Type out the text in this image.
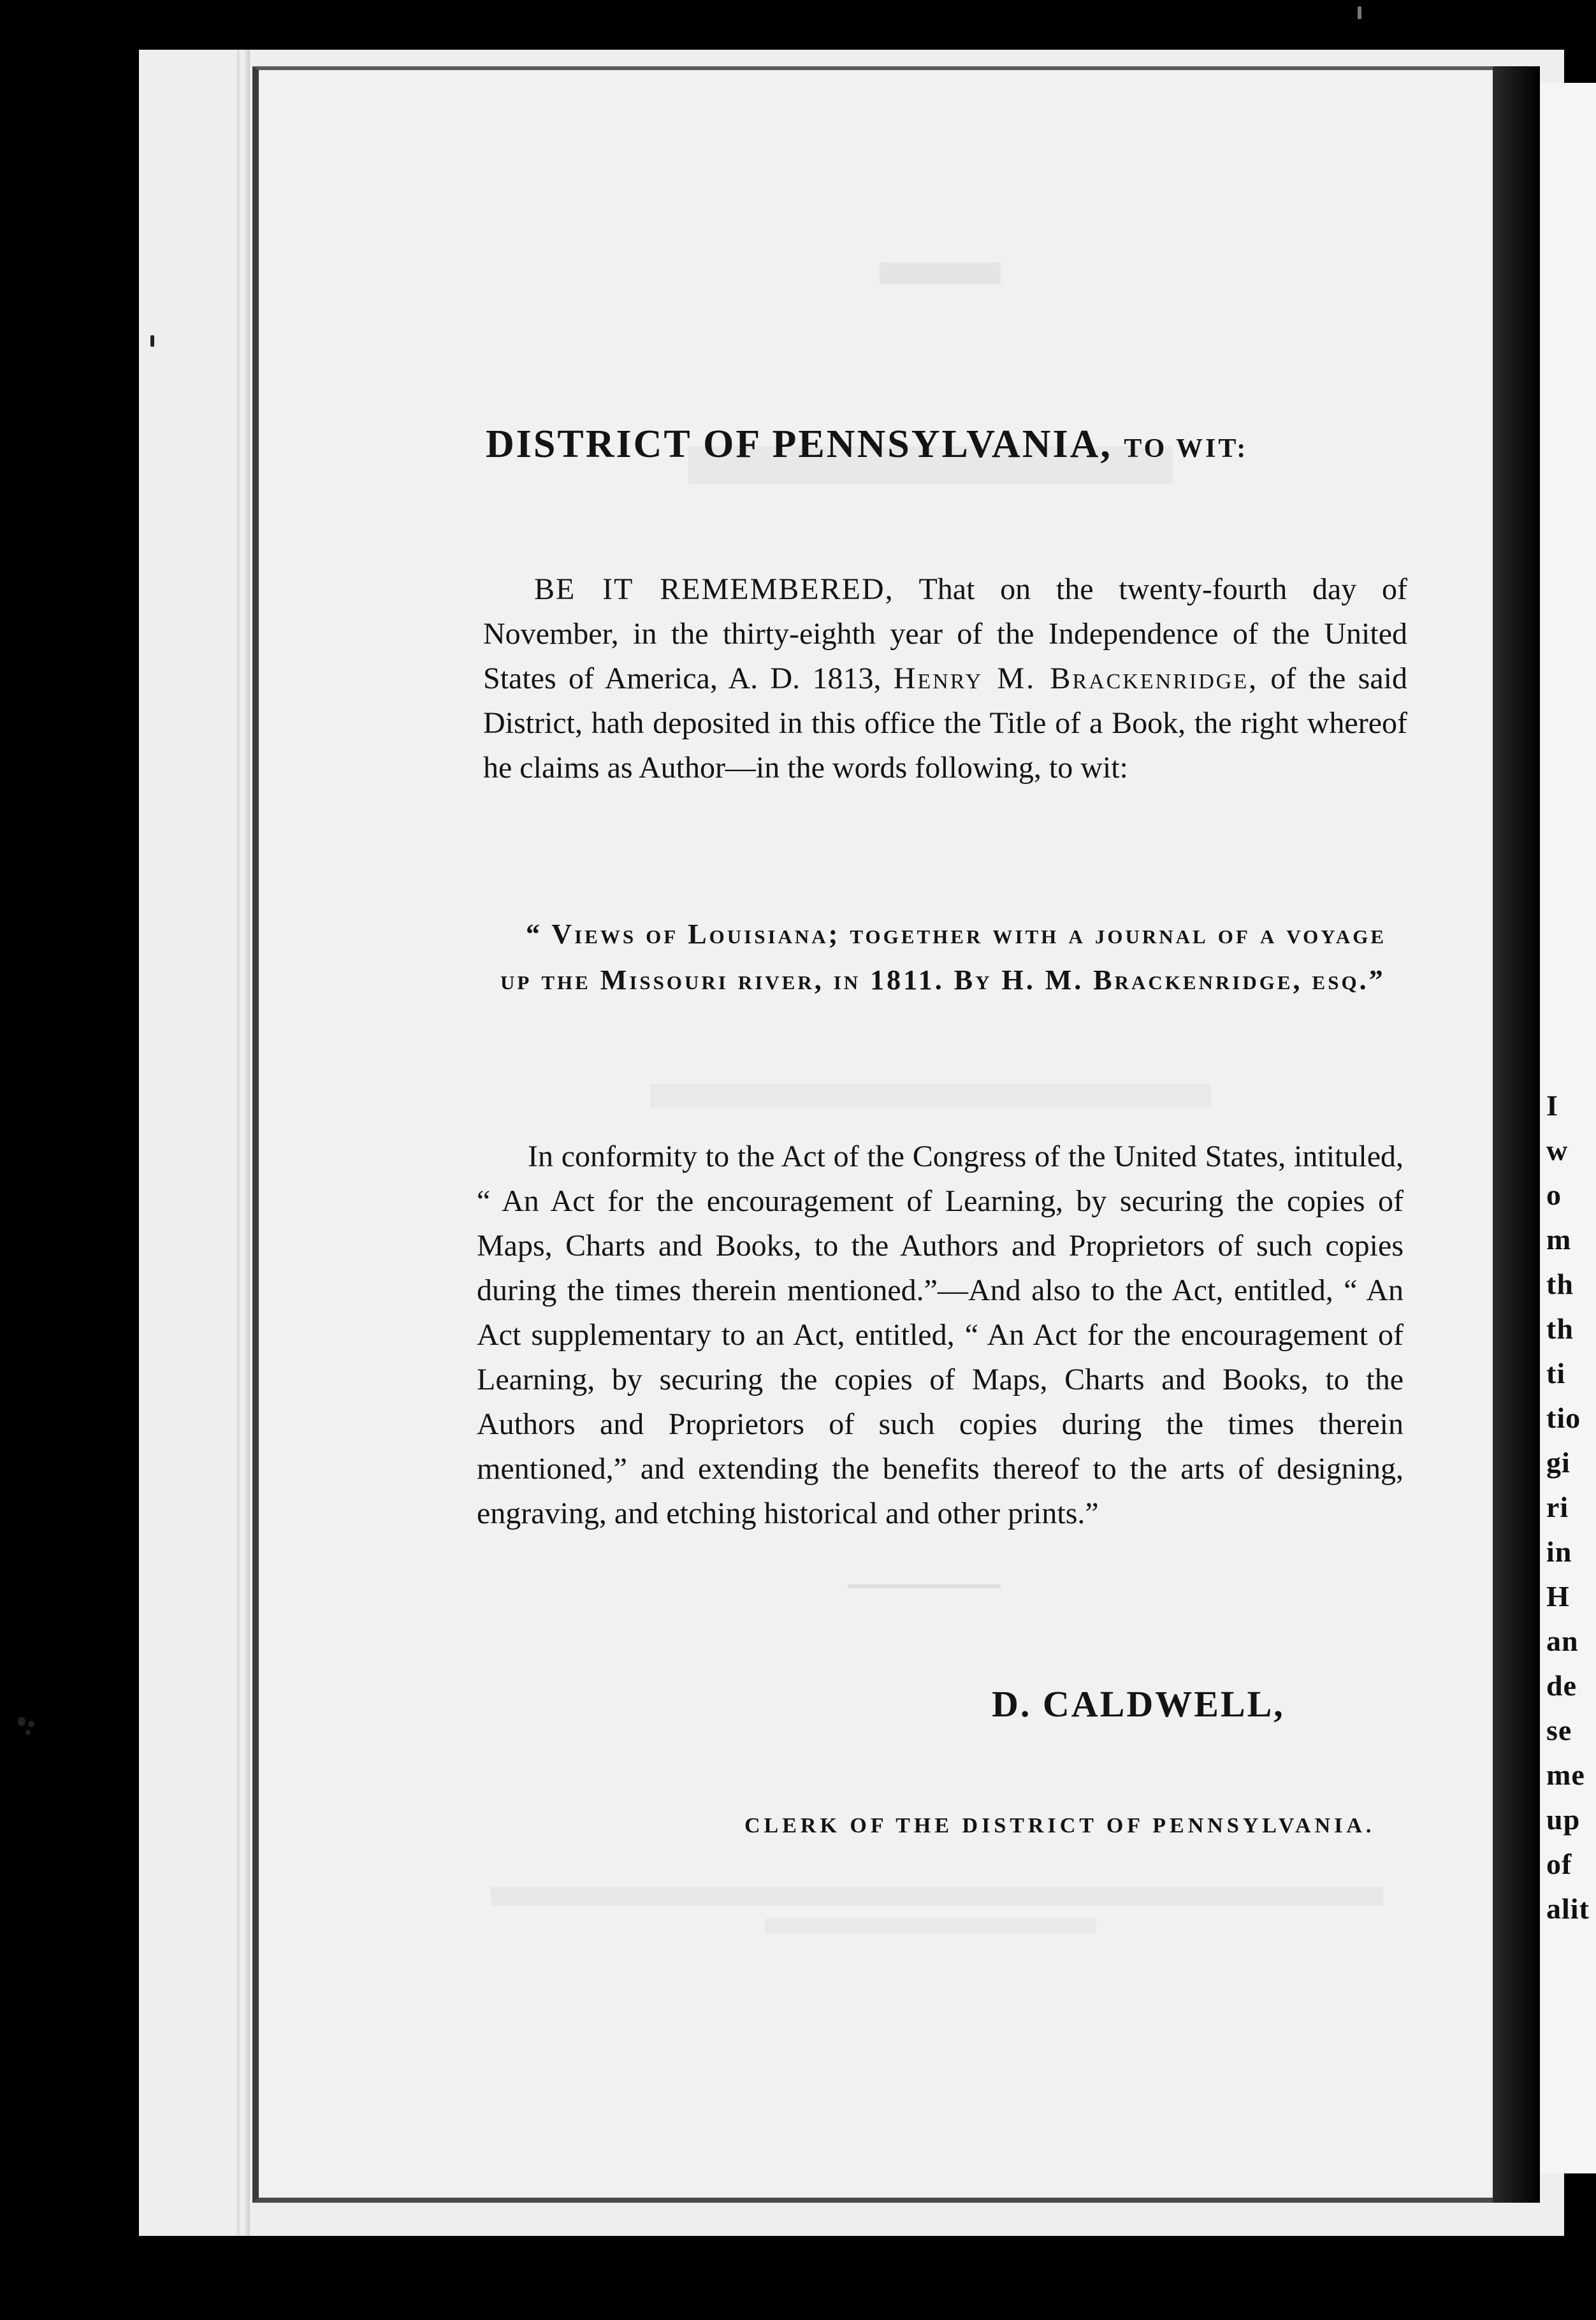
I
w
o
m
th
th
ti
tio
gi
ri
in
H
an
de
se
me
up
of
alit
DISTRICT OF PENNSYLVANIA, TO WIT:
BE IT REMEMBERED, That on the twenty-fourth day of November, in the thirty-eighth year of the Independence of the United States of America, A. D. 1813, Henry M. Brackenridge, of the said District, hath deposited in this office the Title of a Book, the right whereof he claims as Author—in the words following, to wit:
“ Views of Louisiana; together with a journal of a voyage up the Missouri river, in 1811. By H. M. Brackenridge, esq.”
In conformity to the Act of the Congress of the United States, intituled, “ An Act for the encouragement of Learning, by securing the copies of Maps, Charts and Books, to the Authors and Proprietors of such copies during the times therein mentioned.”—And also to the Act, entitled, “ An Act supplementary to an Act, entitled, “ An Act for the encouragement of Learning, by securing the copies of Maps, Charts and Books, to the Authors and Proprietors of such copies during the times therein mentioned,” and extending the benefits thereof to the arts of designing, engraving, and etching historical and other prints.”
D. CALDWELL,
CLERK OF THE DISTRICT OF PENNSYLVANIA.
